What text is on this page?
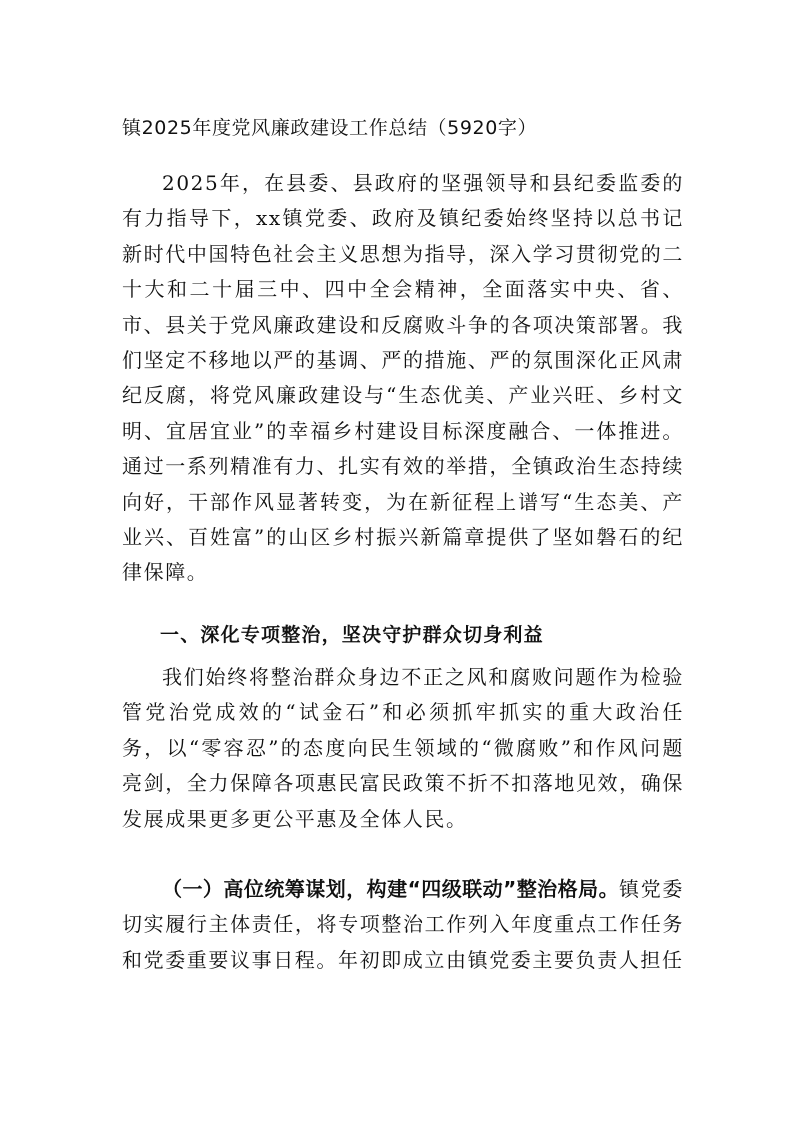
镇2025年度党风廉政建设工作总结（5920字）

2025年，在县委、县政府的坚强领导和县纪委监委的有力指导下，xx镇党委、政府及镇纪委始终坚持以总书记新时代中国特色社会主义思想为指导，深入学习贯彻党的二十大和二十届三中、四中全会精神，全面落实中央、省、市、县关于党风廉政建设和反腐败斗争的各项决策部署。我们坚定不移地以严的基调、严的措施、严的氛围深化正风肃纪反腐，将党风廉政建设与“生态优美、产业兴旺、乡村文明、宜居宜业”的幸福乡村建设目标深度融合、一体推进。通过一系列精准有力、扎实有效的举措，全镇政治生态持续向好，干部作风显著转变，为在新征程上谱写“生态美、产业兴、百姓富”的山区乡村振兴新篇章提供了坚如磐石的纪律保障。

一、深化专项整治，坚决守护群众切身利益

我们始终将整治群众身边不正之风和腐败问题作为检验管党治党成效的“试金石”和必须抓牢抓实的重大政治任务，以“零容忍”的态度向民生领域的“微腐败”和作风问题亮剑，全力保障各项惠民富民政策不折不扣落地见效，确保发展成果更多更公平惠及全体人民。

（一）高位统筹谋划，构建“四级联动”整治格局。镇党委切实履行主体责任，将专项整治工作列入年度重点工作任务和党委重要议事日程。年初即成立由镇党委主要负责人担任
